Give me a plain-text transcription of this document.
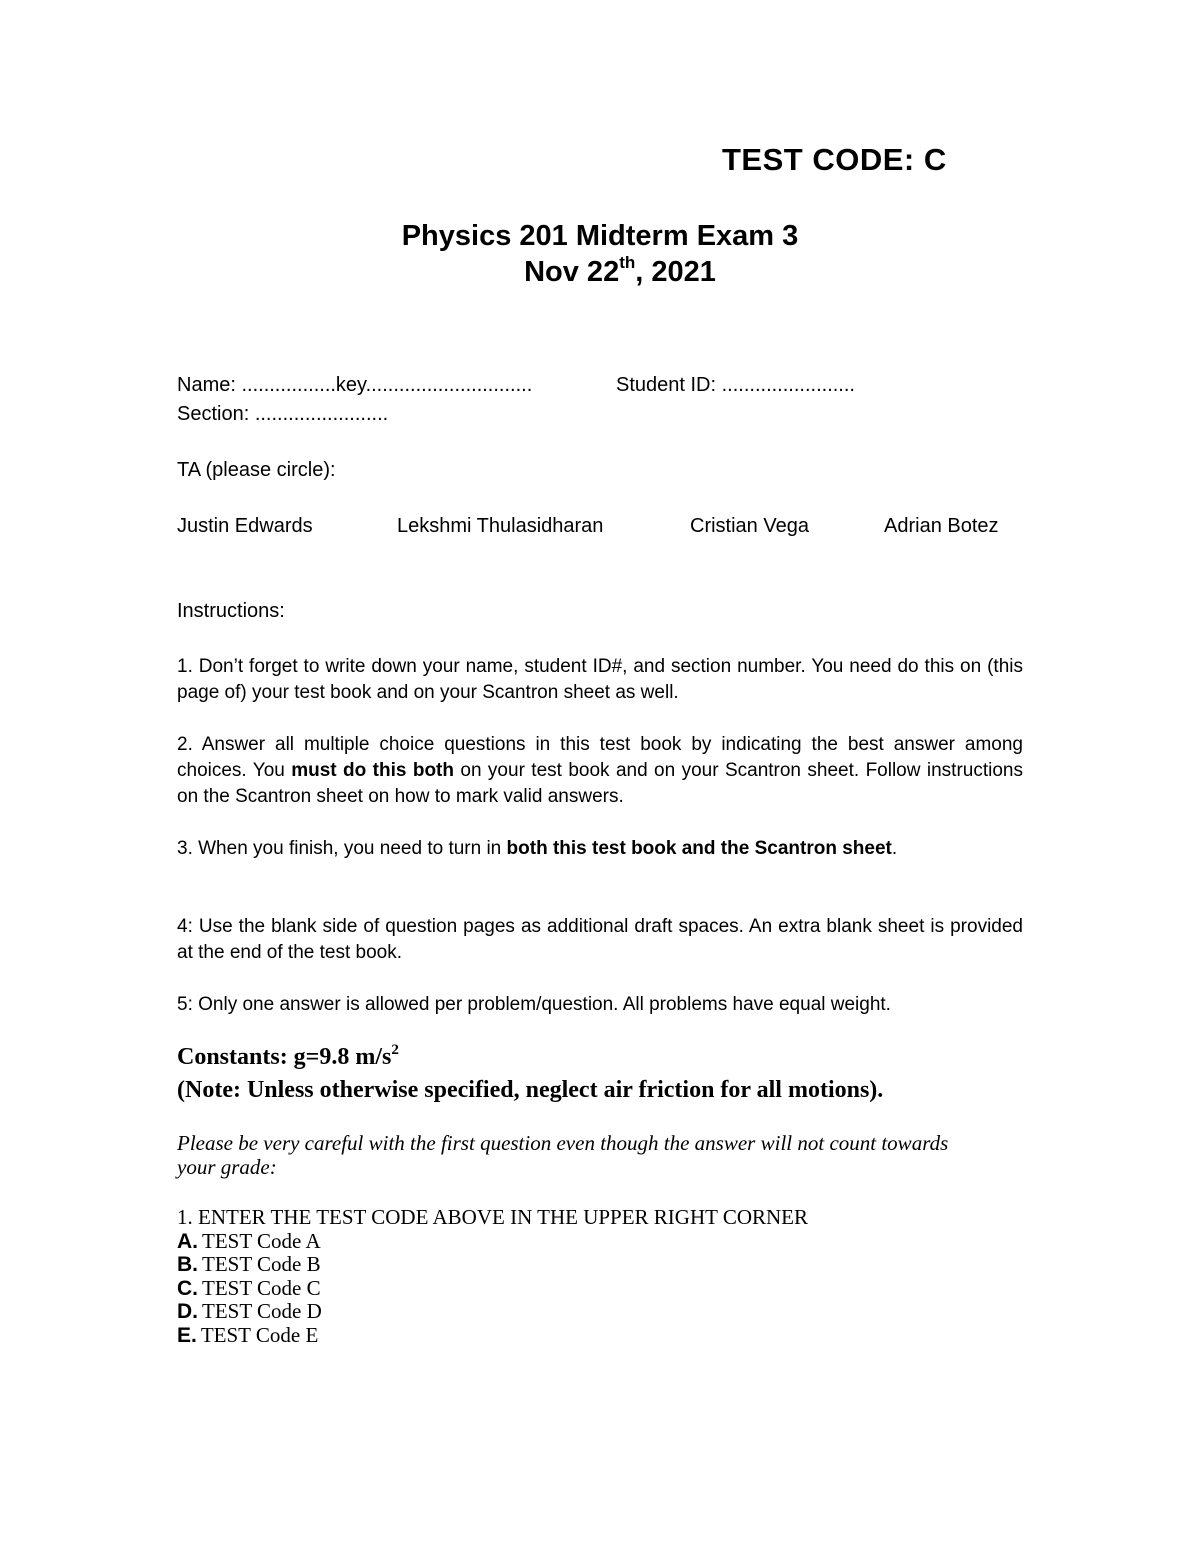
TEST CODE: C
Physics 201 Midterm Exam 3
Nov 22th, 2021
Name: .................key..............................	Student ID: ........................
Section: ........................
TA (please circle):
Justin Edwards	Lekshmi Thulasidharan	Cristian Vega	Adrian Botez
Instructions:
1. Don’t forget to write down your name, student ID#, and section number. You need do this on (this page of) your test book and on your Scantron sheet as well.
2. Answer all multiple choice questions in this test book by indicating the best answer among choices. You must do this both on your test book and on your Scantron sheet. Follow instructions on the Scantron sheet on how to mark valid answers.
3. When you finish, you need to turn in both this test book and the Scantron sheet.
4: Use the blank side of question pages as additional draft spaces. An extra blank sheet is provided at the end of the test book.
5: Only one answer is allowed per problem/question. All problems have equal weight.
Constants: g=9.8 $m/s^2$
(Note: Unless otherwise specified, neglect air friction for all motions).
Please be very careful with the first question even though the answer will not count towards your grade:
1. ENTER THE TEST CODE ABOVE IN THE UPPER RIGHT CORNER
A. TEST Code A
B. TEST Code B
C. TEST Code C
D. TEST Code D
E. TEST Code E
